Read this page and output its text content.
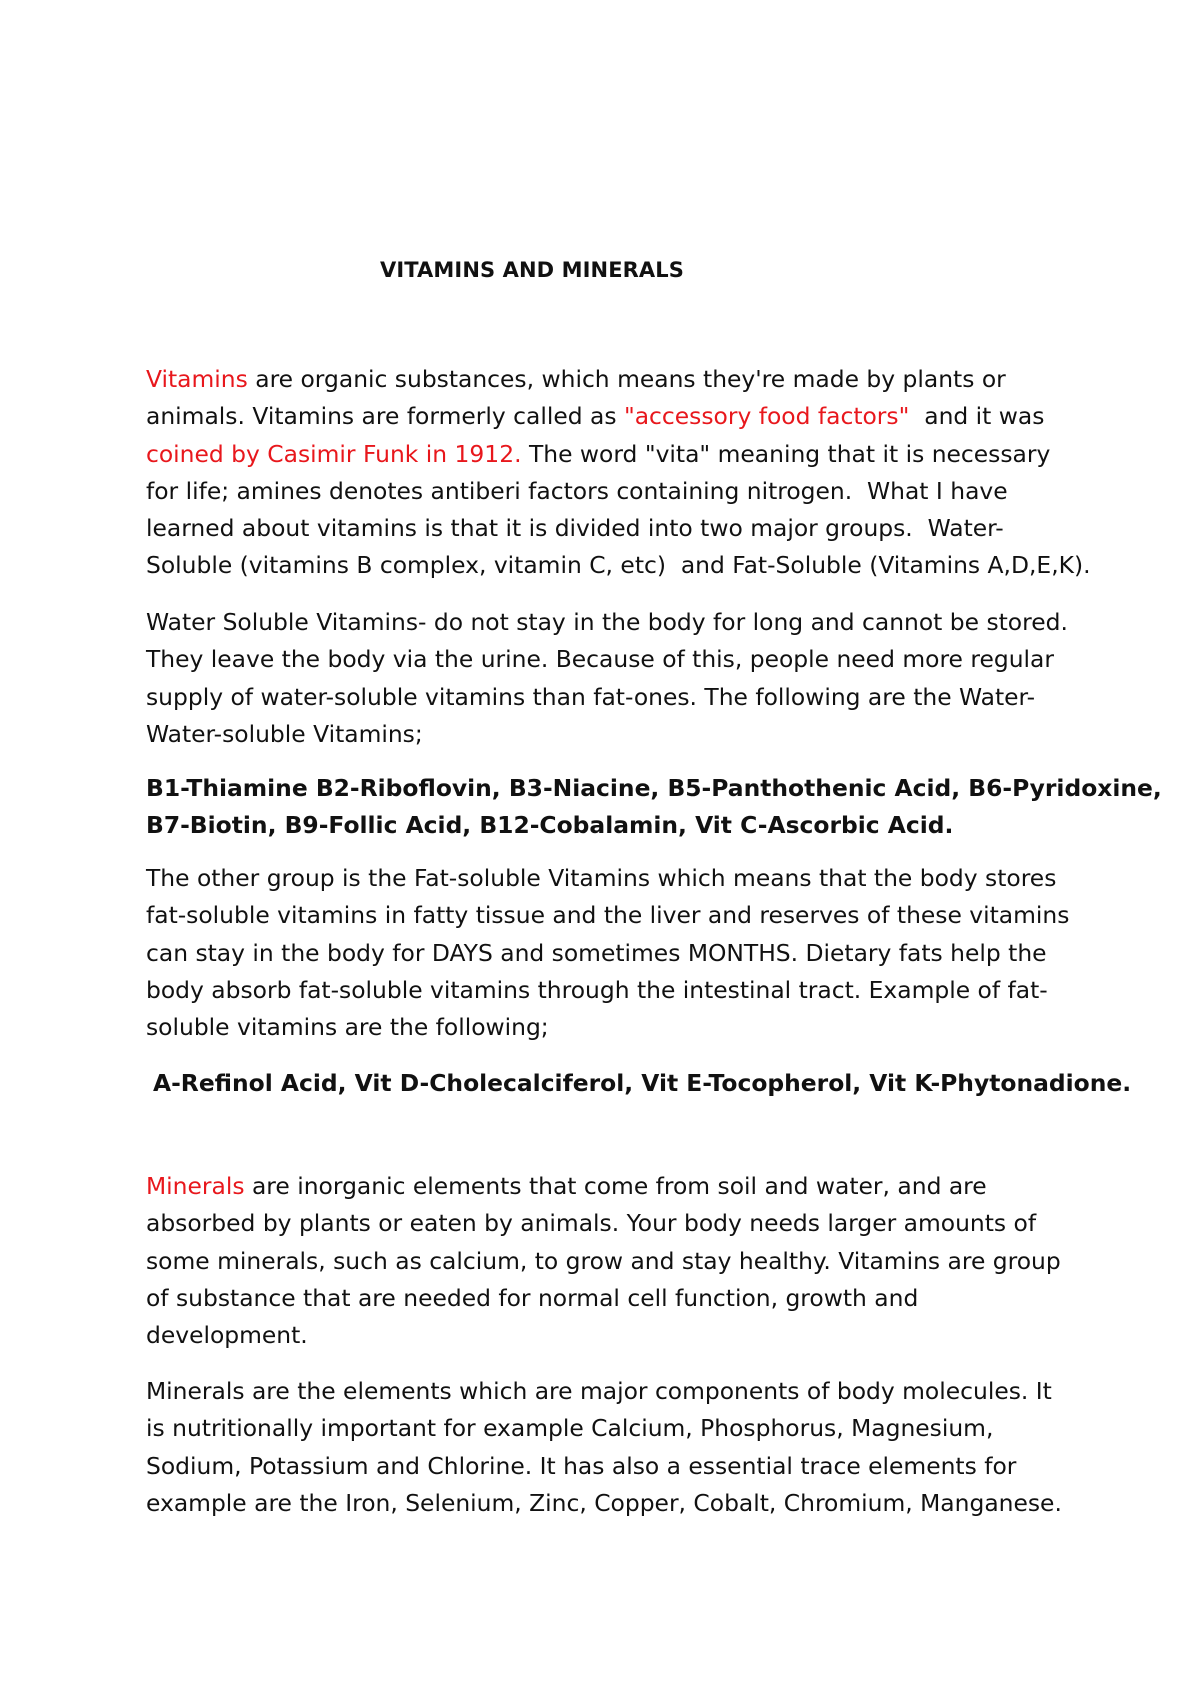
VITAMINS AND MINERALS
Vitamins are organic substances, which means they're made by plants or
animals. Vitamins are formerly called as "accessory food factors"  and it was
coined by Casimir Funk in 1912. The word "vita" meaning that it is necessary
for life; amines denotes antiberi factors containing nitrogen.  What I have
learned about vitamins is that it is divided into two major groups.  Water-
Soluble (vitamins B complex, vitamin C, etc)  and Fat-Soluble (Vitamins A,D,E,K).
Water Soluble Vitamins- do not stay in the body for long and cannot be stored.
They leave the body via the urine. Because of this, people need more regular
supply of water-soluble vitamins than fat-ones. The following are the Water-
Water-soluble Vitamins;
B1-Thiamine B2-Riboflovin, B3-Niacine, B5-Panthothenic Acid, B6-Pyridoxine,
B7-Biotin, B9-Follic Acid, B12-Cobalamin, Vit C-Ascorbic Acid.
The other group is the Fat-soluble Vitamins which means that the body stores
fat-soluble vitamins in fatty tissue and the liver and reserves of these vitamins
can stay in the body for DAYS and sometimes MONTHS. Dietary fats help the
body absorb fat-soluble vitamins through the intestinal tract. Example of fat-
soluble vitamins are the following;
A-Refinol Acid, Vit D-Cholecalciferol, Vit E-Tocopherol, Vit K-Phytonadione.
Minerals are inorganic elements that come from soil and water, and are
absorbed by plants or eaten by animals. Your body needs larger amounts of
some minerals, such as calcium, to grow and stay healthy. Vitamins are group
of substance that are needed for normal cell function, growth and
development.
Minerals are the elements which are major components of body molecules. It
is nutritionally important for example Calcium, Phosphorus, Magnesium,
Sodium, Potassium and Chlorine. It has also a essential trace elements for
example are the Iron, Selenium, Zinc, Copper, Cobalt, Chromium, Manganese.
